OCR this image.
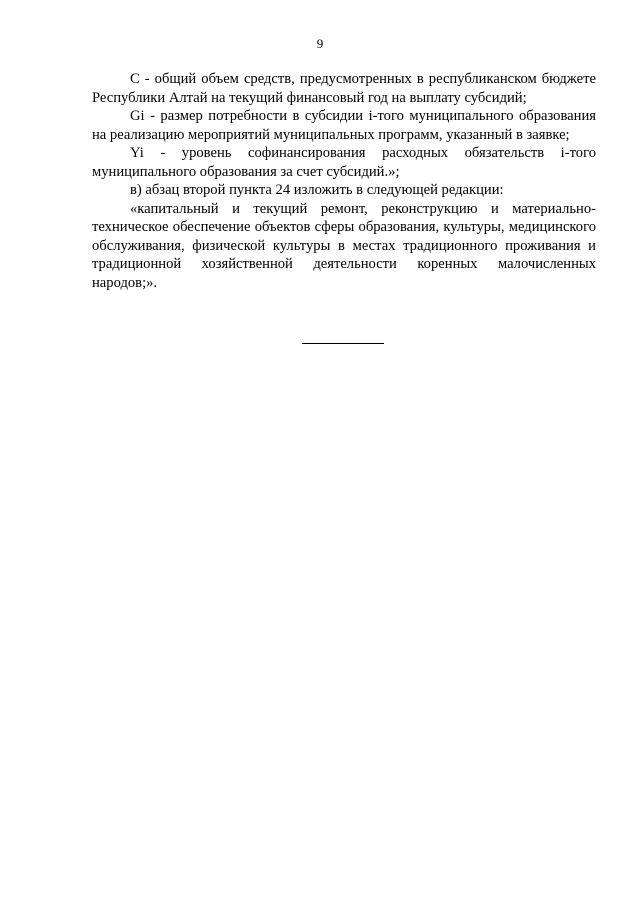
9

С - общий объем средств, предусмотренных в республиканском бюджете Республики Алтай на текущий финансовый год на выплату субсидий;

Gi - размер потребности в субсидии i-того муниципального образования на реализацию мероприятий муниципальных программ, указанный в заявке;

Yi - уровень софинансирования расходных обязательств i-того муниципального образования за счет субсидий.»;

в) абзац второй пункта 24 изложить в следующей редакции:

«капитальный и текущий ремонт, реконструкцию и материально-техническое обеспечение объектов сферы образования, культуры, медицинского обслуживания, физической культуры в местах традиционного проживания и традиционной хозяйственной деятельности коренных малочисленных народов;».
